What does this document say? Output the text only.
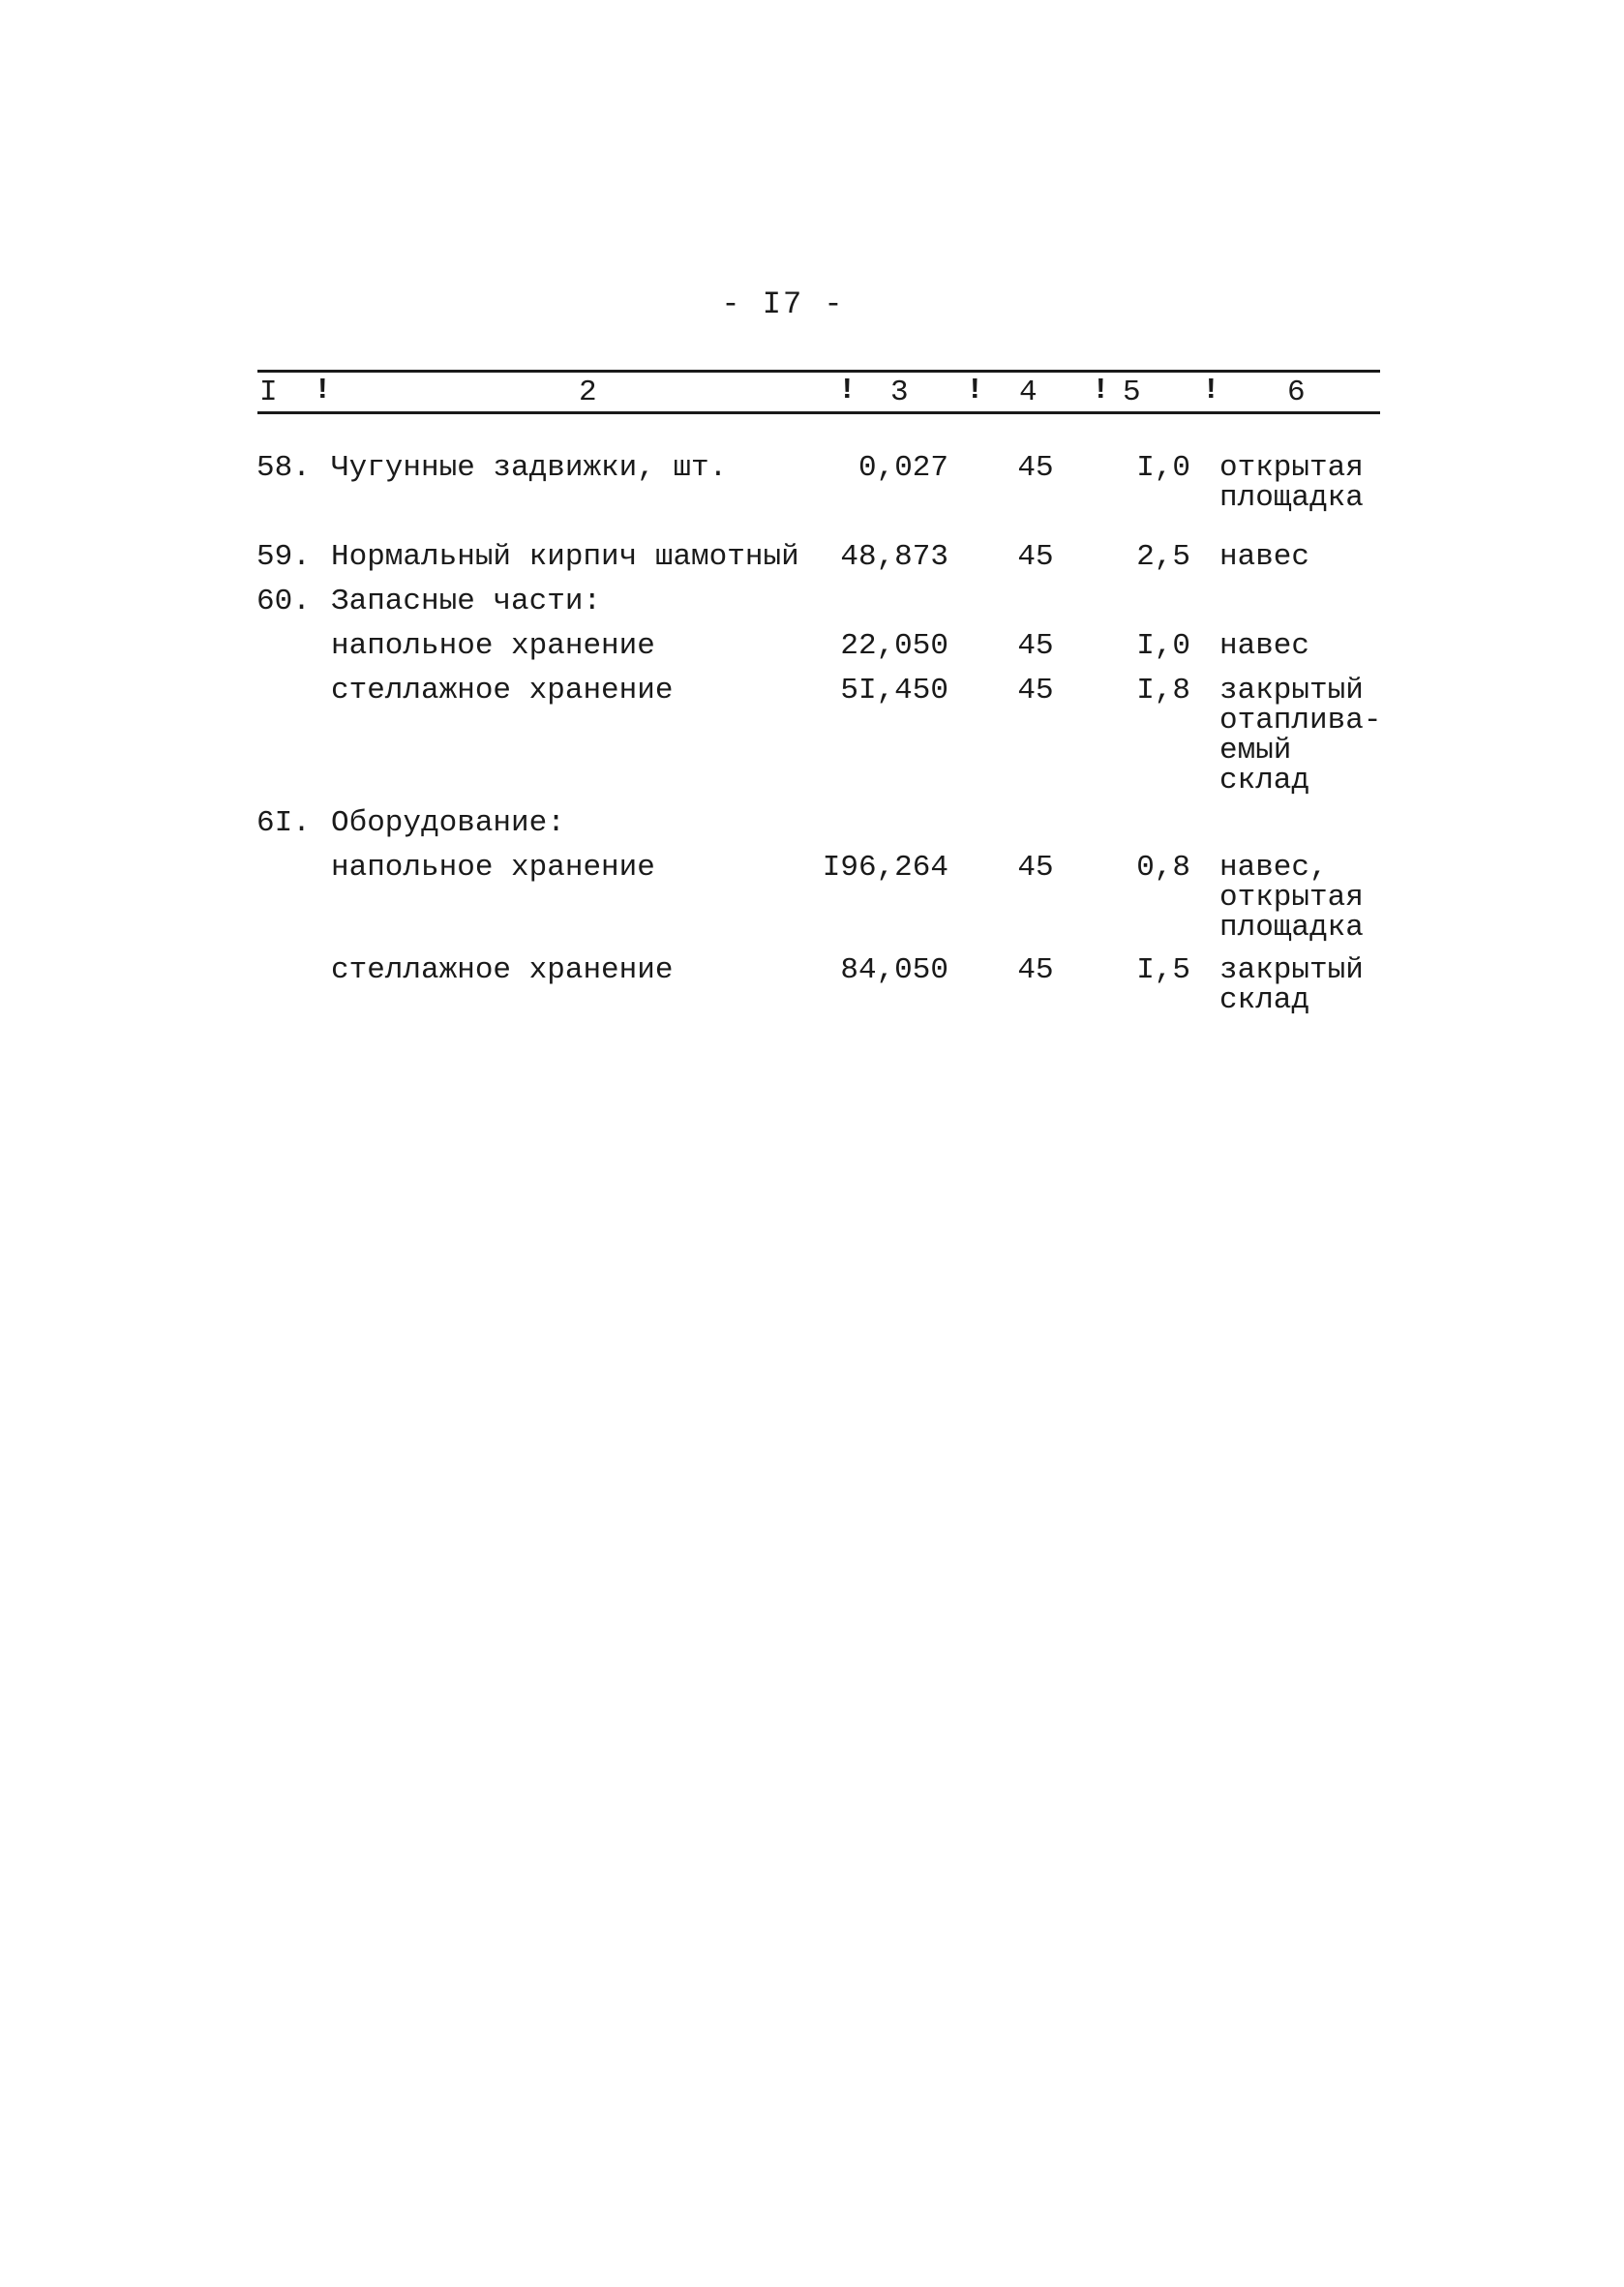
- I7 -
I !	2	! 3 ! 4 ! 5 ! 6
58. Чугунные задвижки, шт.	0,027	45	I,0 открытая
площадка
59. Нормальный кирпич шамотный	48,873	45	2,5 навес
60. Запасные части:
напольное хранение	22,050	45	I,0 навес
стеллажное хранение	5I,450	45	I,8 закрытый
отаплива-
емый
склад
6I. Оборудование:
напольное хранение	I96,264	45	0,8 навес,
открытая
площадка
стеллажное хранение	84,050	45	I,5 закрытый
склад
